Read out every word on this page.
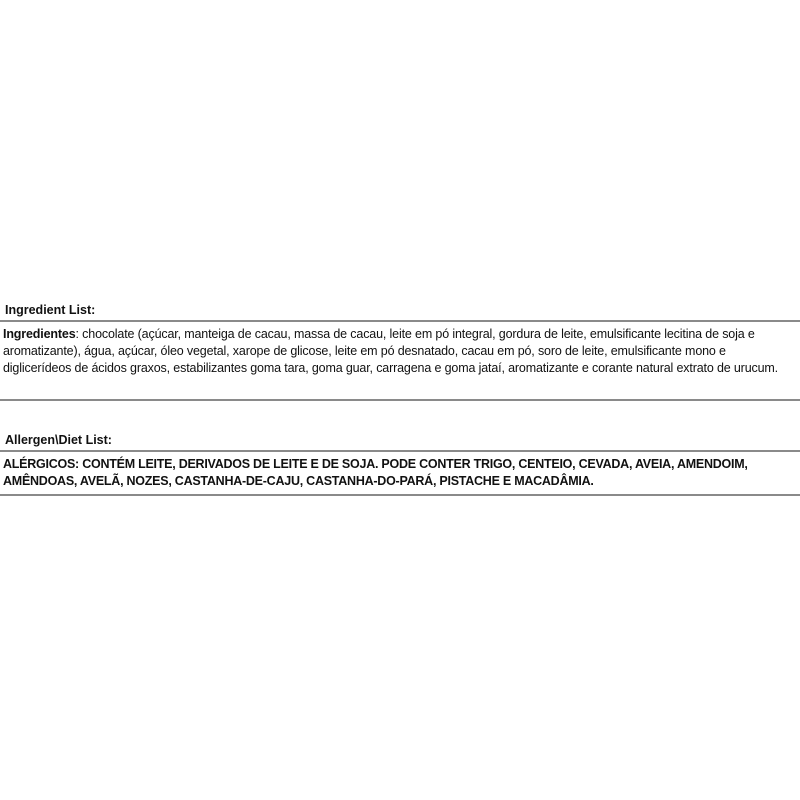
Ingredient List:
Ingredientes: chocolate (açúcar, manteiga de cacau, massa de cacau, leite em pó integral, gordura de leite, emulsificante lecitina de soja e aromatizante), água, açúcar, óleo vegetal, xarope de glicose, leite em pó desnatado, cacau em pó, soro de leite, emulsificante mono e diglicerídeos de ácidos graxos, estabilizantes goma tara, goma guar, carragena e goma jataí, aromatizante e corante natural extrato de urucum.
Allergen\Diet List:
ALÉRGICOS: CONTÉM LEITE, DERIVADOS DE LEITE E DE SOJA. PODE CONTER TRIGO, CENTEIO, CEVADA, AVEIA, AMENDOIM, AMÊNDOAS, AVELÃ, NOZES, CASTANHA-DE-CAJU, CASTANHA-DO-PARÁ, PISTACHE E MACADÂMIA.
